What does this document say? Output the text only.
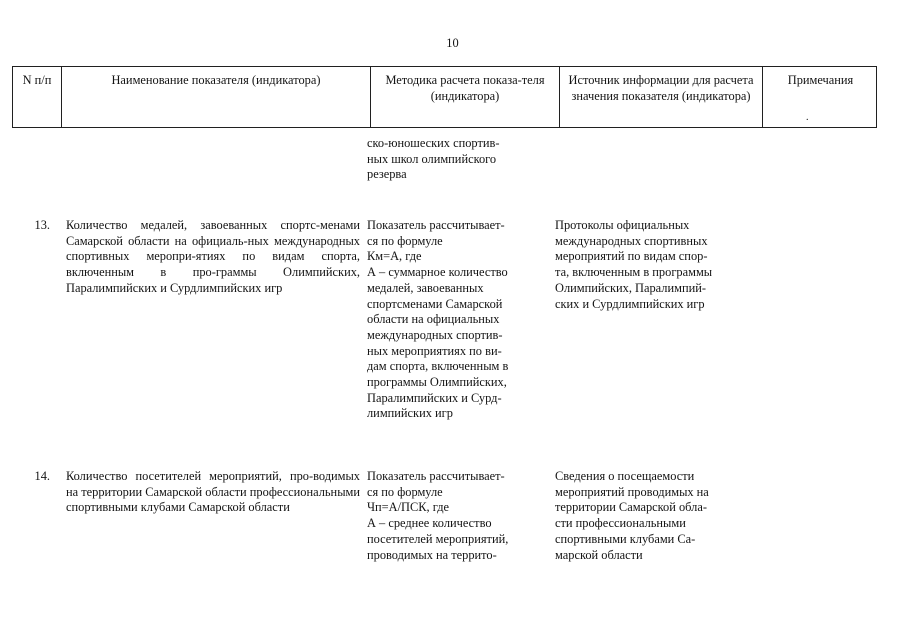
10
N п/п	Наименование показателя (индикатора)	Методика расчета показа-теля (индикатора)
Источник информации для расчета значения показателя (индикатора)
Примечания
.
ско-юношеских спортив-
ных школ олимпийского
резерва
13. Количество медалей, завоеванных спортс-менами Самарской области на официаль-ных международных спортивных меропри-ятиях по видам спорта, включенным в про-граммы Олимпийских, Паралимпийских и Сурдлимпийских игр
Показатель рассчитывает-
ся по формуле
Км=А, где
А – суммарное количество
медалей, завоеванных
спортсменами Самарской
области на официальных
международных спортив-
ных мероприятиях по ви-
дам спорта, включенным в
программы Олимпийских,
Паралимпийских и Сурд-
лимпийских игр
Протоколы официальных
международных спортивных
мероприятий по видам спор-
та, включенным в программы
Олимпийских, Паралимпий-
ских и Сурдлимпийских игр
14. Количество посетителей мероприятий, про-водимых на территории Самарской области профессиональными спортивными клубами Самарской области
Показатель рассчитывает-
ся по формуле
Чп=А/ПСК, где
А – среднее количество
посетителей мероприятий,
проводимых на террито-
Сведения о посещаемости
мероприятий проводимых на
территории Самарской обла-
сти профессиональными
спортивными клубами Са-
марской области
